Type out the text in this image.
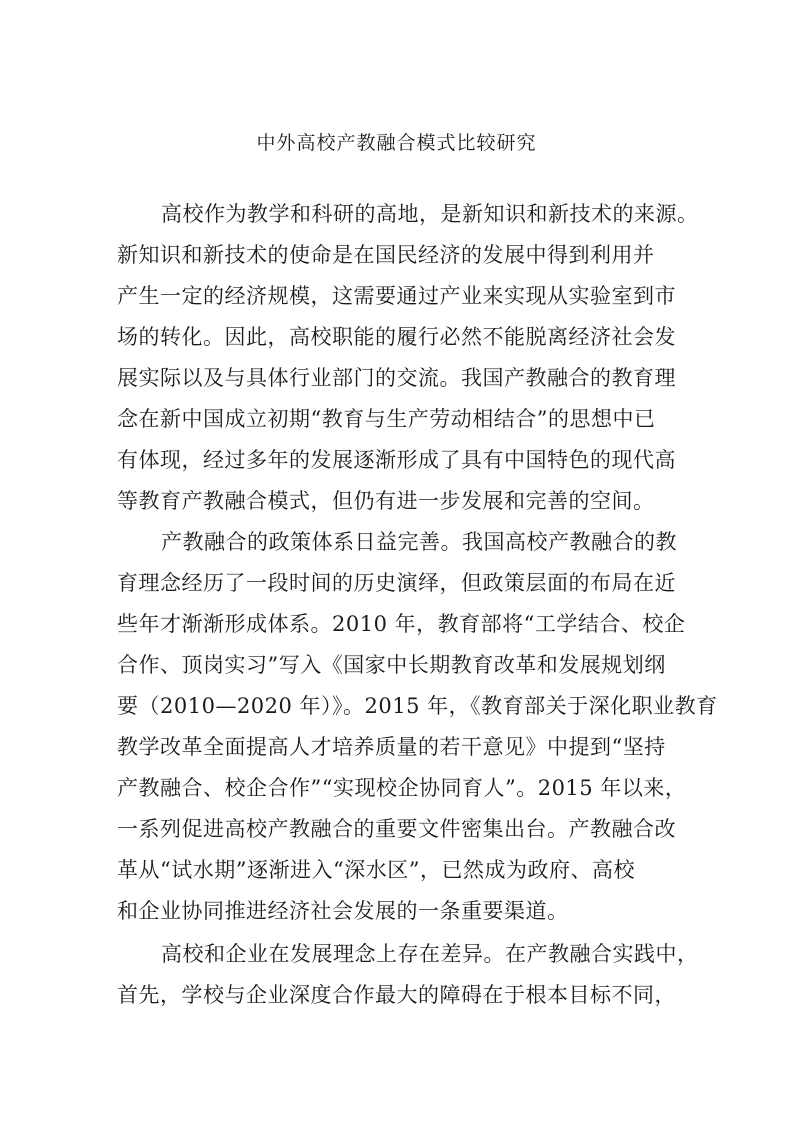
中外高校产教融合模式比较研究
高校作为教学和科研的高地，是新知识和新技术的来源。
新知识和新技术的使命是在国民经济的发展中得到利用并
产生一定的经济规模，这需要通过产业来实现从实验室到市
场的转化。因此，高校职能的履行必然不能脱离经济社会发
展实际以及与具体行业部门的交流。我国产教融合的教育理
念在新中国成立初期“教育与生产劳动相结合”的思想中已
有体现，经过多年的发展逐渐形成了具有中国特色的现代高
等教育产教融合模式，但仍有进一步发展和完善的空间。
产教融合的政策体系日益完善。我国高校产教融合的教
育理念经历了一段时间的历史演绎，但政策层面的布局在近
些年才渐渐形成体系。2010 年，教育部将“工学结合、校企
合作、顶岗实习”写入《国家中长期教育改革和发展规划纲
要（2010—2020 年）》。2015 年，《教育部关于深化职业教育
教学改革全面提高人才培养质量的若干意见》中提到“坚持
产教融合、校企合作”“实现校企协同育人”。2015 年以来，
一系列促进高校产教融合的重要文件密集出台。产教融合改
革从“试水期”逐渐进入“深水区”，已然成为政府、高校
和企业协同推进经济社会发展的一条重要渠道。
高校和企业在发展理念上存在差异。在产教融合实践中，
首先，学校与企业深度合作最大的障碍在于根本目标不同，
